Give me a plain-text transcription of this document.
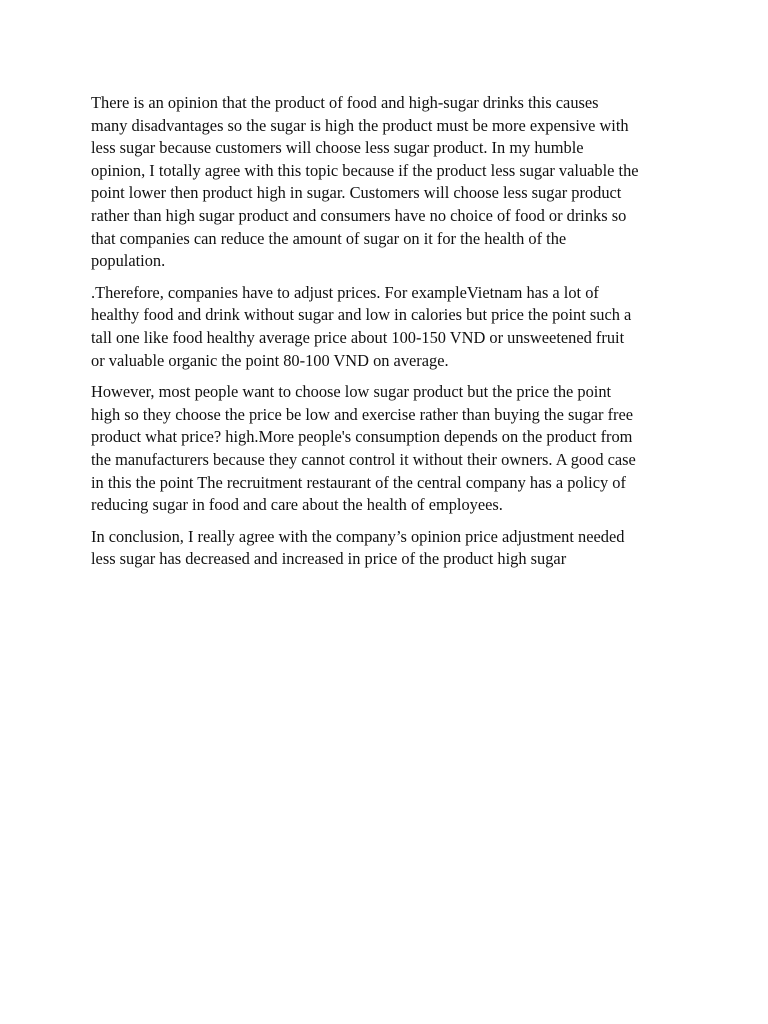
There is an opinion that the product of food and high-sugar drinks this causes
many disadvantages so the sugar is high the product must be more expensive with
less sugar because customers will choose less sugar product. In my humble
opinion, I totally agree with this topic because if the product less sugar valuable the
point lower then product high in sugar. Customers will choose less sugar product
rather than high sugar product and consumers have no choice of food or drinks so
that companies can reduce the amount of sugar on it for the health of the
population.

.Therefore, companies have to adjust prices. For exampleVietnam has a lot of
healthy food and drink without sugar and low in calories but price the point such a
tall one like food healthy average price about 100-150 VND or unsweetened fruit
or valuable organic the point 80-100 VND on average.

However, most people want to choose low sugar product but the price the point
high so they choose the price be low and exercise rather than buying the sugar free
product what price? high.More people's consumption depends on the product from
the manufacturers because they cannot control it without their owners. A good case
in this the point The recruitment restaurant of the central company has a policy of
reducing sugar in food and care about the health of employees.

In conclusion, I really agree with the company’s opinion price adjustment needed
less sugar has decreased and increased in price of the product high sugar
